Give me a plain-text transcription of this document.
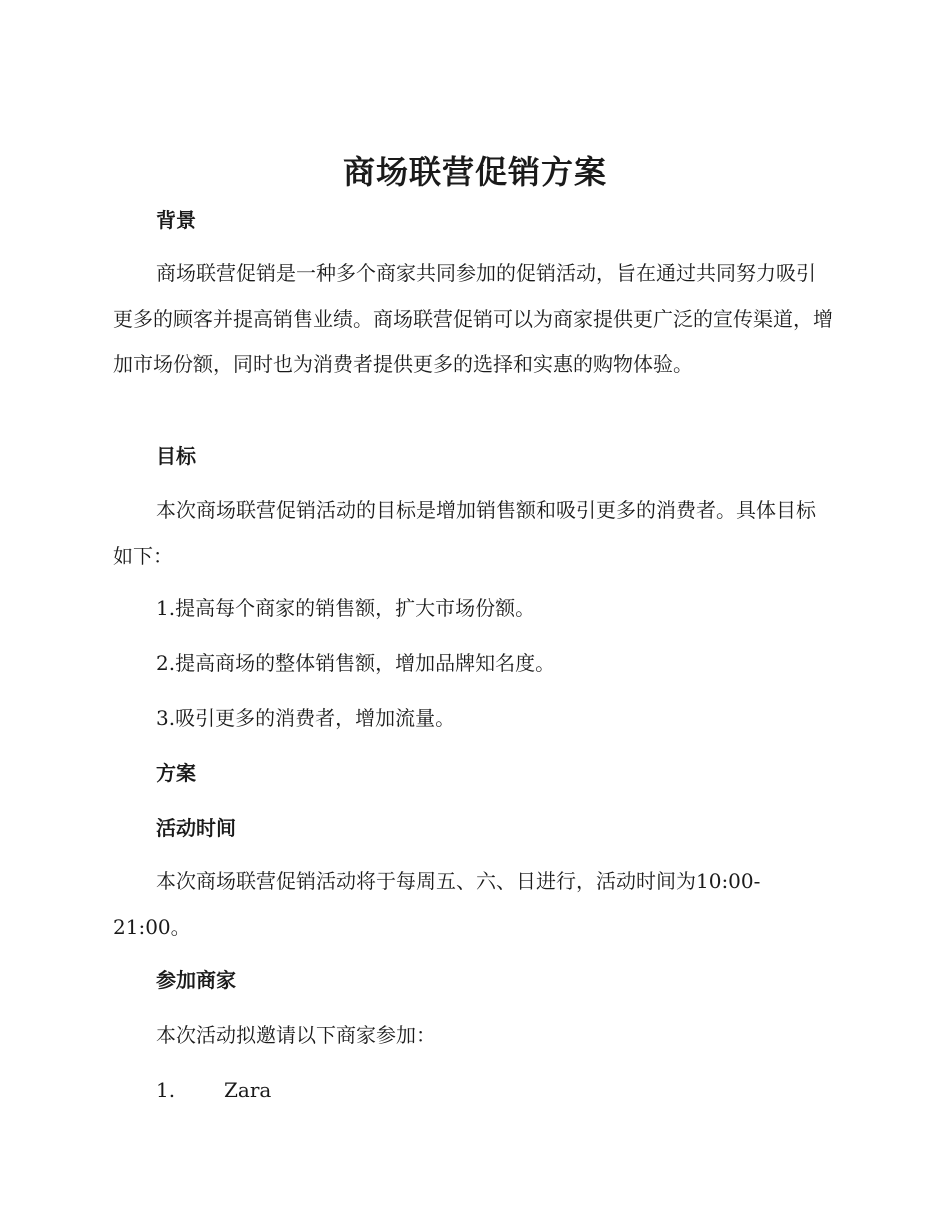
商场联营促销方案
背景

商场联营促销是一种多个商家共同参加的促销活动，旨在通过共同努力吸引更多的顾客并提高销售业绩。商场联营促销可以为商家提供更广泛的宣传渠道，增加市场份额，同时也为消费者提供更多的选择和实惠的购物体验。

目标

本次商场联营促销活动的目标是增加销售额和吸引更多的消费者。具体目标如下：

1.提高每个商家的销售额，扩大市场份额。
2.提高商场的整体销售额，增加品牌知名度。
3.吸引更多的消费者，增加流量。
方案
活动时间

本次商场联营促销活动将于每周五、六、日进行，活动时间为10:00-21:00。

参加商家
本次活动拟邀请以下商家参加：
1. Zara
